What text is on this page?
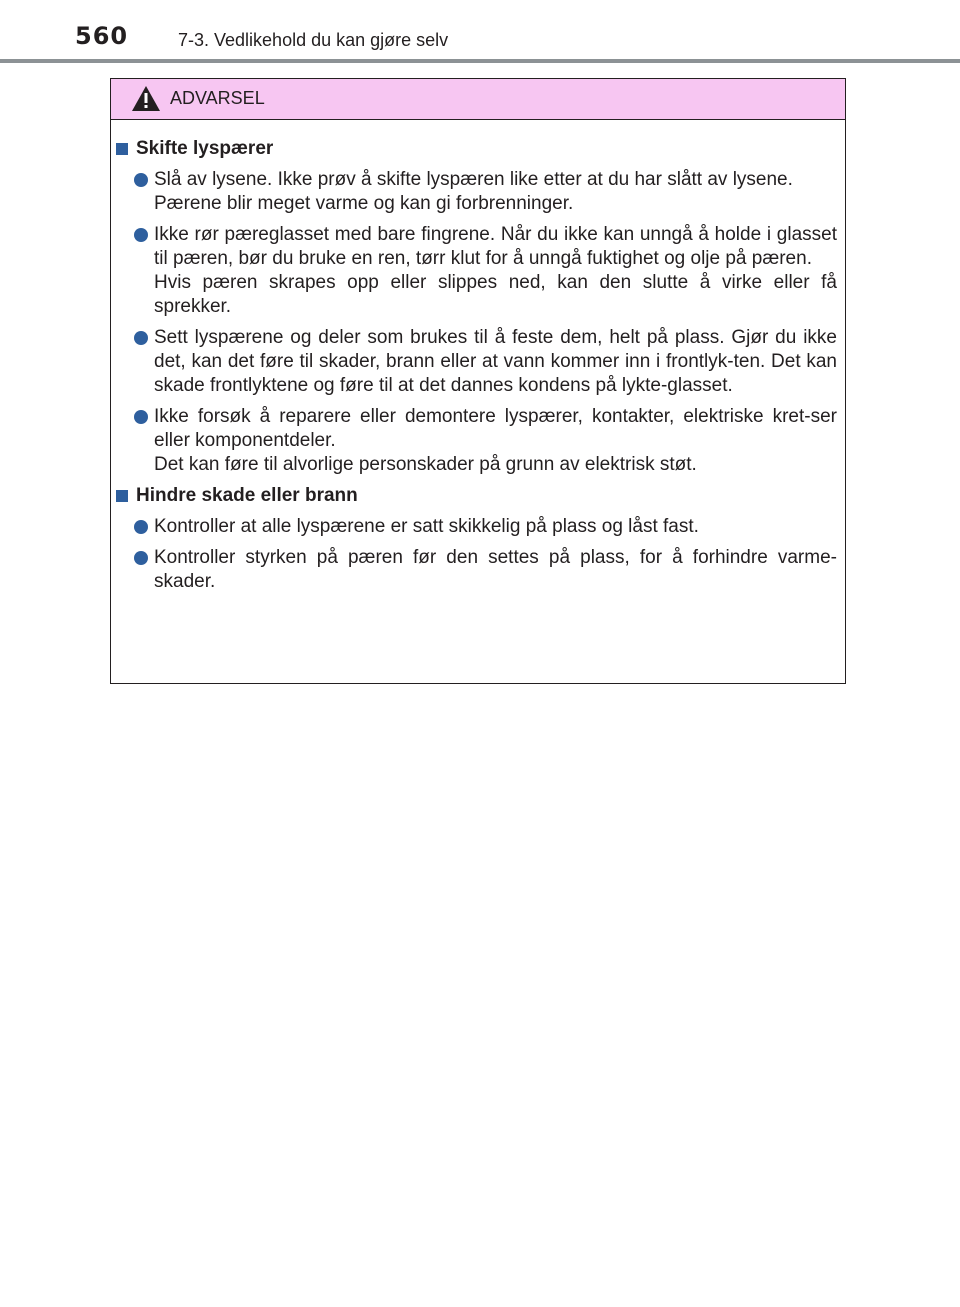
560	7-3. Vedlikehold du kan gjøre selv
ADVARSEL
Skifte lyspærer

Slå av lysene. Ikke prøv å skifte lyspæren like etter at du har slått av lysene.

Pærene blir meget varme og kan gi forbrenninger.

Ikke rør pæreglasset med bare fingrene. Når du ikke kan unngå å holde i glasset til pæren, bør du bruke en ren, tørr klut for å unngå fuktighet og olje på pæren.

Hvis pæren skrapes opp eller slippes ned, kan den slutte å virke eller få sprekker.

Sett lyspærene og deler som brukes til å feste dem, helt på plass. Gjør du ikke det, kan det føre til skader, brann eller at vann kommer inn i frontlyk-ten. Det kan skade frontlyktene og føre til at det dannes kondens på lykte-glasset.

Ikke forsøk å reparere eller demontere lyspærer, kontakter, elektriske kret-ser eller komponentdeler.

Det kan føre til alvorlige personskader på grunn av elektrisk støt.

Hindre skade eller brann

Kontroller at alle lyspærene er satt skikkelig på plass og låst fast.

Kontroller styrken på pæren før den settes på plass, for å forhindre varme-skader.
